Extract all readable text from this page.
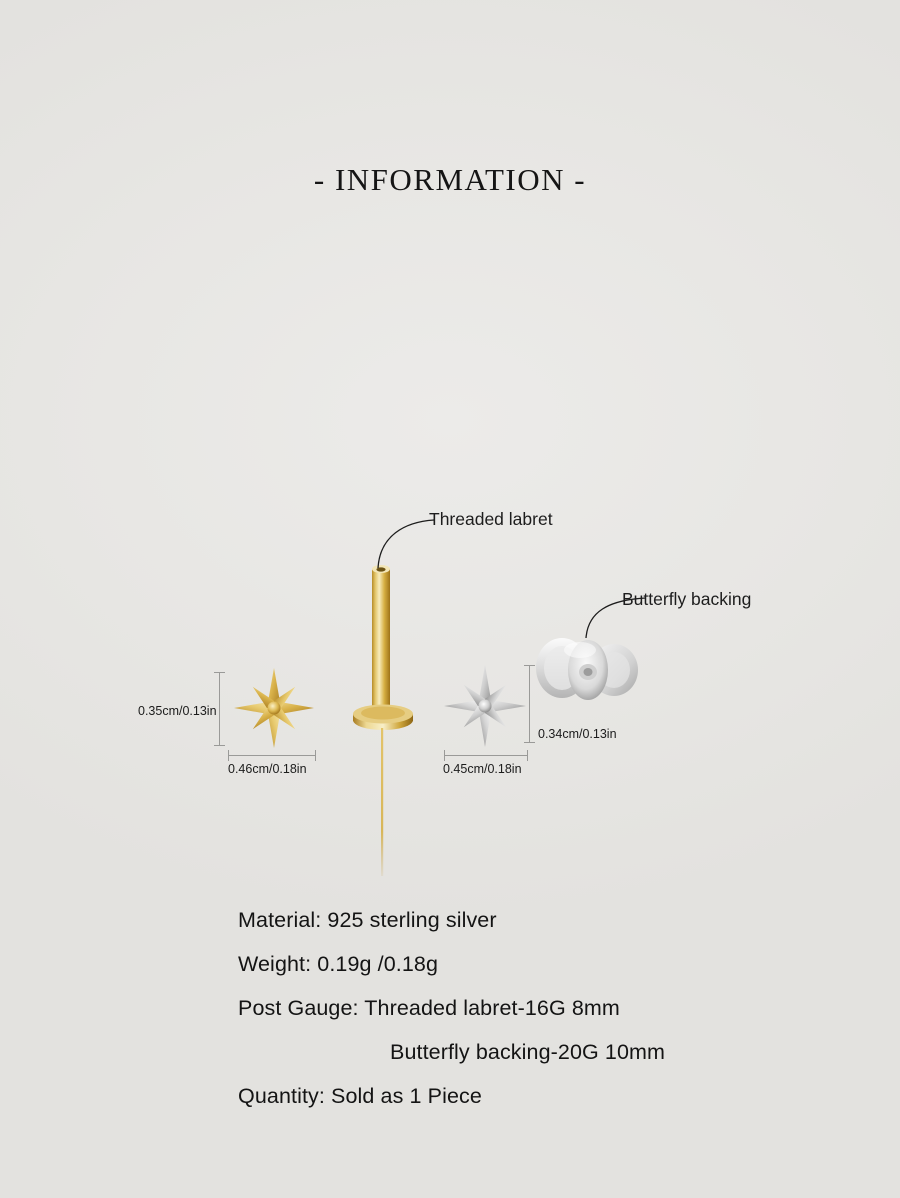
- INFORMATION -
0.35cm/0.13in
0.46cm/0.18in
Threaded labret
0.45cm/0.18in
Butterfly backing
0.34cm/0.13in
Material: 925 sterling silver
Weight: 0.19g /0.18g
Post Gauge: Threaded labret-16G 8mm
Butterfly backing-20G 10mm
Quantity: Sold as 1 Piece
